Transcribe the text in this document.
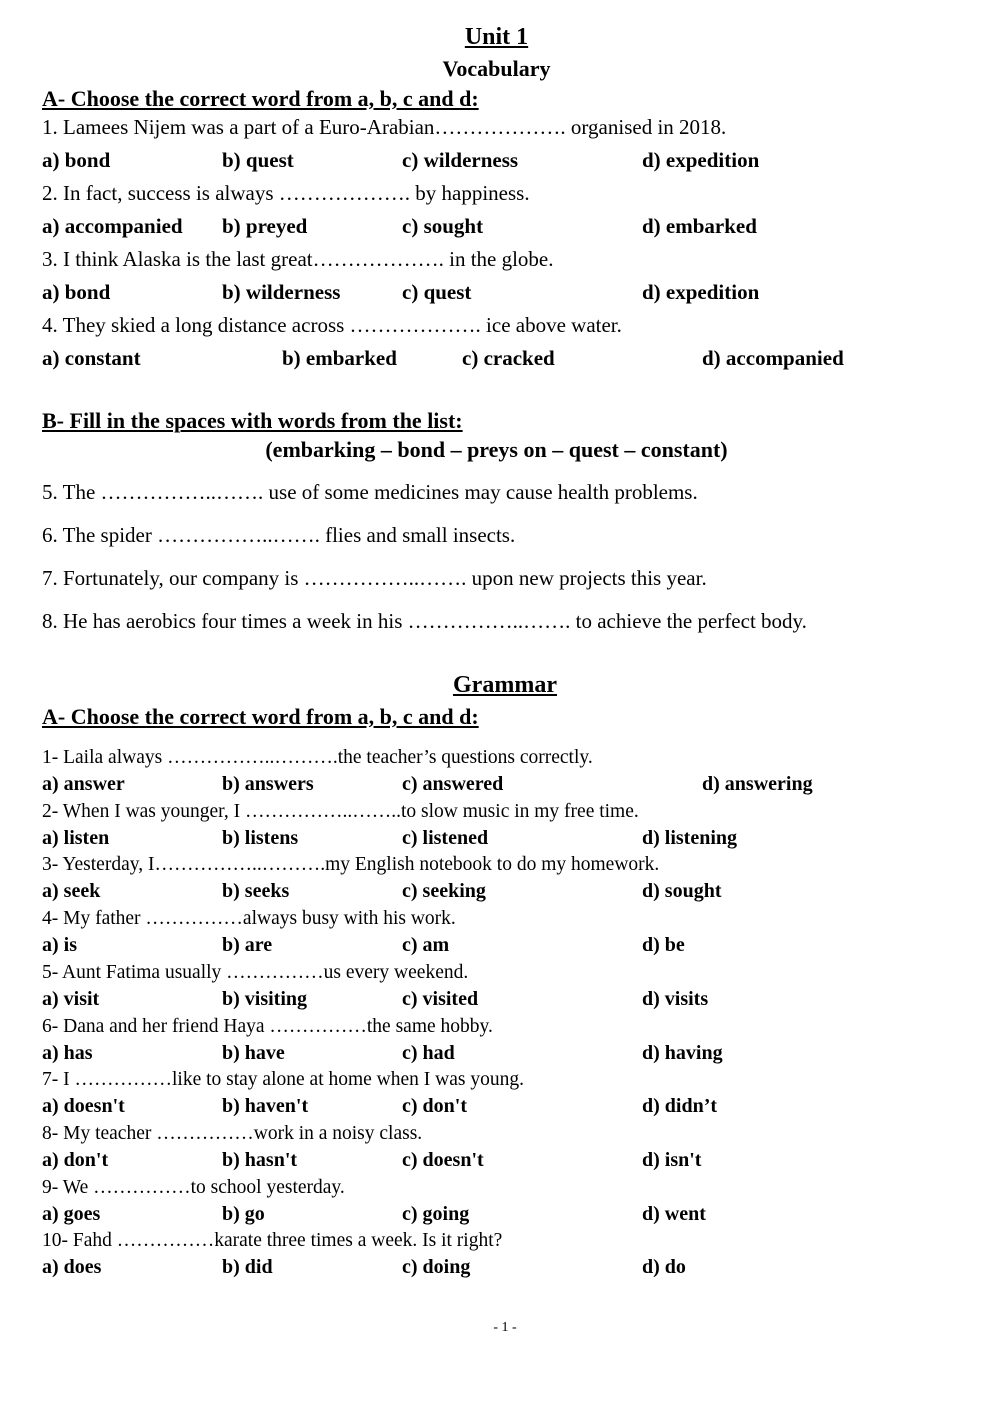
Unit 1
Vocabulary
A- Choose the correct word from a, b, c and d:
1. Lamees Nijem was a part of a Euro-Arabian………………. organised in 2018.
a) bond	b) quest	c) wilderness	d) expedition
2. In fact, success is always ………………. by happiness.
a) accompanied b) preyed	c) sought	d) embarked
3. I think Alaska is the last great………………. in the globe.
a) bond	b) wilderness	c) quest	d) expedition
4. They skied a long distance across ………………. ice above water.
a) constant	b) embarked	c) cracked	d) accompanied
B- Fill in the spaces with words from the list:
(embarking – bond – preys on – quest – constant)
5. The ……………..……. use of some medicines may cause health problems.
6. The spider ……………..……. flies and small insects.
7. Fortunately, our company is ……………..……. upon new projects this year.
8. He has aerobics four times a week in his ……………..……. to achieve the perfect body.
Grammar
A- Choose the correct word from a, b, c and d:
1- Laila always ……………..……….the teacher’s questions correctly.
a) answer	b) answers	c) answered	d) answering
2- When I was younger, I ……………..……..to slow music in my free time.
a) listen	b) listens	c) listened	d) listening
3- Yesterday, I……………..……….my English notebook to do my homework.
a) seek	b) seeks	c) seeking	d) sought
4- My father ……………always busy with his work.
a) is	b) are	c) am	d) be
5- Aunt Fatima usually ……………us every weekend.
a) visit	b) visiting	c) visited	d) visits
6- Dana and her friend Haya ……………the same hobby.
a) has	b) have	c) had	d) having
7- I ……………like to stay alone at home when I was young.
a) doesn't	b) haven't	c) don't	d) didn’t
8- My teacher ……………work in a noisy class.
a) don't	b) hasn't	c) doesn't	d) isn't
9- We ……………to school yesterday.
a) goes	b) go	c) going	d) went
10- Fahd ……………karate three times a week. Is it right?
a) does	b) did	c) doing	d) do
- 1 -
